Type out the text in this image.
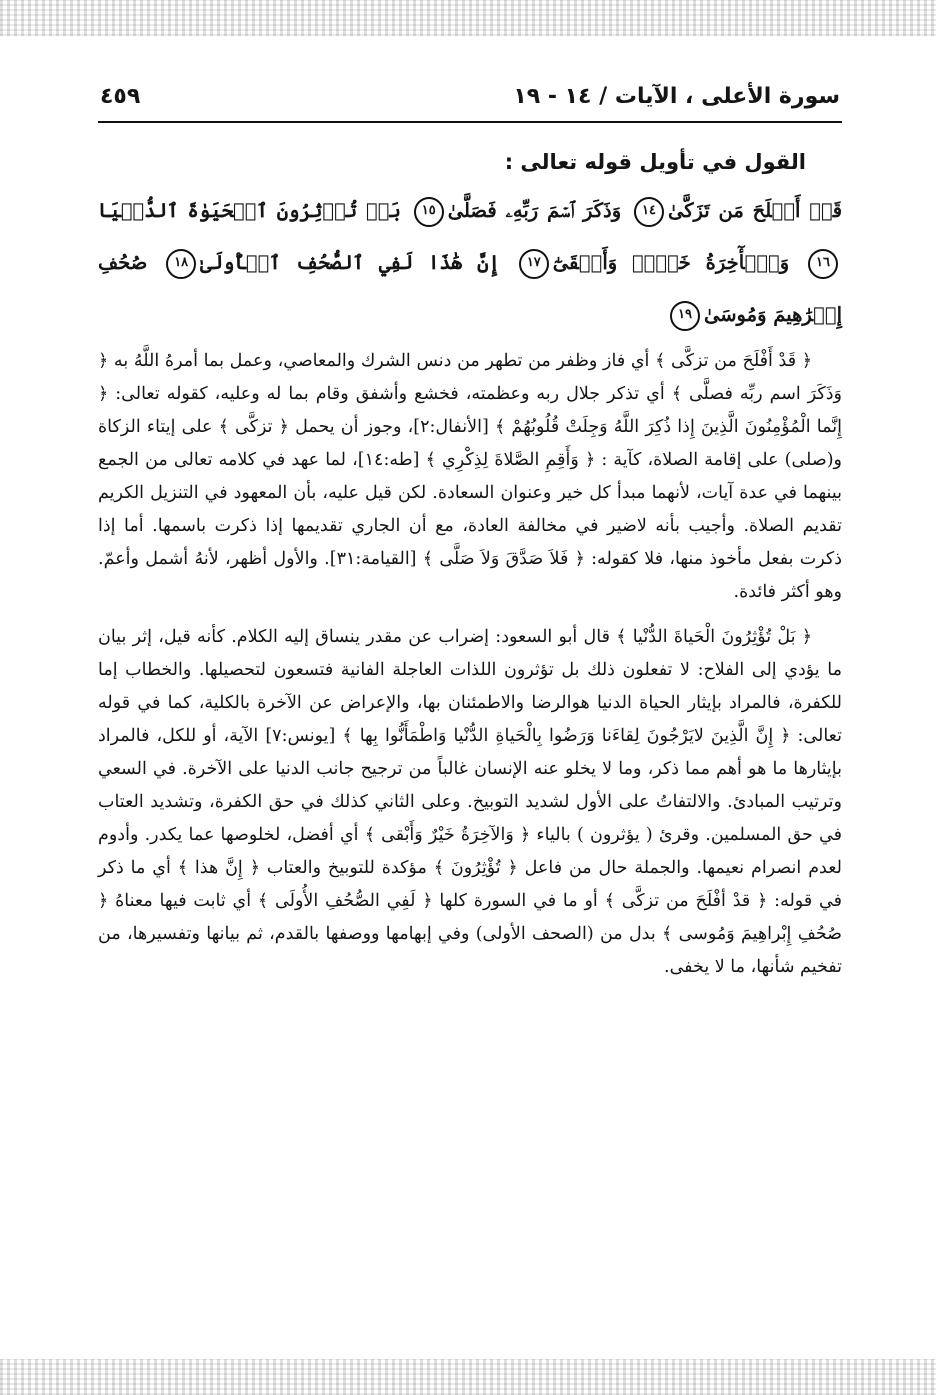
سورة الأعلى ، الآيات / ١٤ - ١٩
٤٥٩
القول في تأويل قوله تعالى :
قَدۡ أَفۡلَحَ مَن تَزَكَّىٰ١٤ وَذَكَرَ ٱسۡمَ رَبِّهِۦ فَصَلَّىٰ١٥ بَلۡ تُؤۡثِرُونَ ٱلۡحَيَوٰةَ ٱلدُّنۡيَا١٦ وَٱلۡأٓخِرَةُ خَيۡرٞ وَأَبۡقَىٰٓ١٧ إِنَّ هَٰذَا لَفِي ٱلصُّحُفِ ٱلۡأُولَىٰ١٨ صُحُفِ إِبۡرَٰهِيمَ وَمُوسَىٰ١٩

﴿ قَدْ أَفْلَحَ من تزكَّى ﴾ أي فاز وظفر من تطهر من دنس الشرك والمعاصي، وعمل بما أمرهُ اللَّهُ به ﴿ وَذَكَرَ اسم ربِّه فصلَّى ﴾ أي تذكر جلال ربه وعظمته، فخشع وأشفق وقام بما له وعليه، كقوله تعالى: ﴿ إِنَّما الْمُؤْمِنُونَ الَّذِينَ إِذا ذُكِرَ اللَّهُ وَجِلَتْ قُلُوبُهُمْ ﴾ [الأنفال:٢]، وجوز أن يحمل ﴿ تزكَّى ﴾ على إيتاء الزكاة و(صلى) على إقامة الصلاة، كآية : ﴿ وَأَقِمِ الصَّلاةَ لِذِكْرِي ﴾ [طه:١٤]، لما عهد في كلامه تعالى من الجمع بينهما في عدة آيات، لأنهما مبدأ كل خير وعنوان السعادة. لكن قيل عليه، بأن المعهود في التنزيل الكريم تقديم الصلاة. وأجيب بأنه لاضير في مخالفة العادة، مع أن الجاري تقديمها إذا ذكرت باسمها. أما إذا ذكرت بفعل مأخوذ منها، فلا كقوله: ﴿ فَلاَ صَدَّقَ وَلاَ صَلَّى ﴾ [القيامة:٣١]. والأول أظهر، لأنهُ أشمل وأعمّ. وهو أكثر فائدة.

﴿ بَلْ تُؤْثِرُونَ الْحَياةَ الدُّنْيا ﴾ قال أبو السعود: إضراب عن مقدر ينساق إليه الكلام. كأنه قيل، إثر بيان ما يؤدي إلى الفلاح: لا تفعلون ذلك بل تؤثرون اللذات العاجلة الفانية فتسعون لتحصيلها. والخطاب إما للكفرة، فالمراد بإيثار الحياة الدنيا هوالرضا والاطمئنان بها، والإعراض عن الآخرة بالكلية، كما في قوله تعالى: ﴿ إِنَّ الَّذِينَ لايَرْجُونَ لِقاءَنا وَرَضُوا بِالْحَياةِ الدُّنْيا وَاطْمَأَنُّوا بِها ﴾ [يونس:٧] الآية، أو للكل، فالمراد بإيثارها ما هو أهم مما ذكر، وما لا يخلو عنه الإنسان غالباً من ترجيح جانب الدنيا على الآخرة. في السعي وترتيب المبادئ. والالتفاتُ على الأول لشديد التوبيخ. وعلى الثاني كذلك في حق الكفرة، وتشديد العتاب في حق المسلمين. وقرئ ( يؤثرون ) بالياء ﴿ وَالآخِرَةُ خَيْرٌ وَأَبْقى ﴾ أي أفضل، لخلوصها عما يكدر. وأدوم لعدم انصرام نعيمها. والجملة حال من فاعل ﴿ تُؤْثِرُونَ ﴾ مؤكدة للتوبيخ والعتاب ﴿ إِنَّ هذا ﴾ أي ما ذكر في قوله: ﴿ قدْ أفْلَحَ من تزكَّى ﴾ أو ما في السورة كلها ﴿ لَفِي الصُّحُفِ الأُولَى ﴾ أي ثابت فيها معناهُ ﴿ صُحُفِ إِبْراهِيمَ وَمُوسى ﴾ بدل من (الصحف الأولى) وفي إبهامها ووصفها بالقدم، ثم بيانها وتفسيرها، من تفخيم شأنها، ما لا يخفى.
